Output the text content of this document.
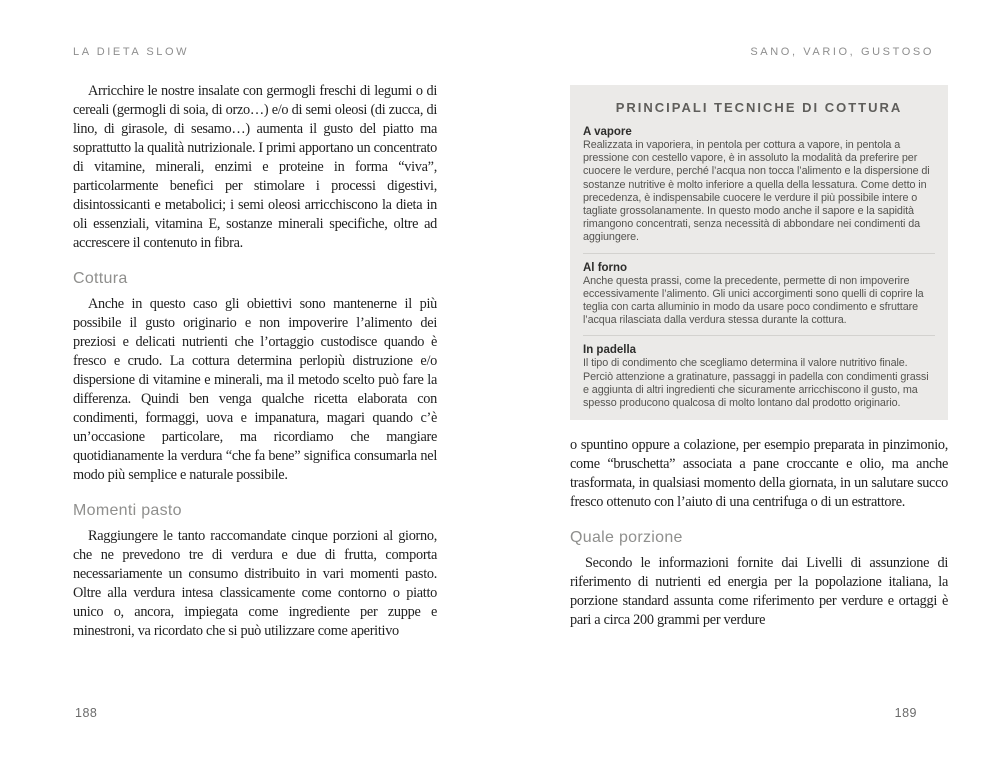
LA DIETA SLOW

Arricchire le nostre insalate con germogli freschi di legumi o di cereali (germogli di soia, di orzo…) e/o di semi oleosi (di zucca, di lino, di girasole, di sesamo…) aumenta il gusto del piatto ma soprattutto la qualità nutrizionale. I primi apportano un concentrato di vitamine, minerali, enzimi e proteine in forma “viva”, particolarmente benefici per stimolare i processi digestivi, disintossicanti e metabolici; i semi oleosi arricchiscono la dieta in oli essenziali, vitamina E, sostanze minerali specifiche, oltre ad accrescere il contenuto in fibra.

Cottura

Anche in questo caso gli obiettivi sono mantenerne il più possibile il gusto originario e non impoverire l’alimento dei preziosi e delicati nutrienti che l’ortaggio custodisce quando è fresco e crudo. La cottura determina perlopiù distruzione e/o dispersione di vitamine e minerali, ma il metodo scelto può fare la differenza. Quindi ben venga qualche ricetta elaborata con condimenti, formaggi, uova e impanatura, magari quando c’è un’occasione particolare, ma ricordiamo che mangiare quotidianamente la verdura “che fa bene” significa consumarla nel modo più semplice e naturale possibile.

Momenti pasto

Raggiungere le tanto raccomandate cinque porzioni al giorno, che ne prevedono tre di verdura e due di frutta, comporta necessariamente un consumo distribuito in vari momenti pasto. Oltre alla verdura intesa classicamente come contorno o piatto unico o, ancora, impiegata come ingrediente per zuppe e minestroni, va ricordato che si può utilizzare come aperitivo

SANO, VARIO, GUSTOSO
PRINCIPALI TECNICHE DI COTTURA
A vapore
Realizzata in vaporiera, in pentola per cottura a vapore, in pentola a pressione con cestello vapore, è in assoluto la modalità da preferire per cuocere le verdure, perché l’acqua non tocca l’alimento e la dispersione di sostanze nutritive è molto inferiore a quella della lessatura. Come detto in precedenza, è indispensabile cuocere le verdure il più possibile intere o tagliate grossolanamente. In questo modo anche il sapore e la sapidità rimangono concentrati, senza necessità di abbondare nei condimenti da aggiungere.
Al forno
Anche questa prassi, come la precedente, permette di non impoverire eccessivamente l’alimento. Gli unici accorgimenti sono quelli di coprire la teglia con carta alluminio in modo da usare poco condimento e sfruttare l’acqua rilasciata dalla verdura stessa durante la cottura.
In padella
Il tipo di condimento che scegliamo determina il valore nutritivo finale. Perciò attenzione a gratinature, passaggi in padella con condimenti grassi e aggiunta di altri ingredienti che sicuramente arricchiscono il gusto, ma spesso producono qualcosa di molto lontano dal prodotto originario.

o spuntino oppure a colazione, per esempio preparata in pinzimonio, come “bruschetta” associata a pane croccante e olio, ma anche trasformata, in qualsiasi momento della giornata, in un salutare succo fresco ottenuto con l’aiuto di una centrifuga o di un estrattore.

Quale porzione

Secondo le informazioni fornite dai Livelli di assunzione di riferimento di nutrienti ed energia per la popolazione italiana, la porzione standard assunta come riferimento per verdure e ortaggi è pari a circa 200 grammi per verdure

188	189
